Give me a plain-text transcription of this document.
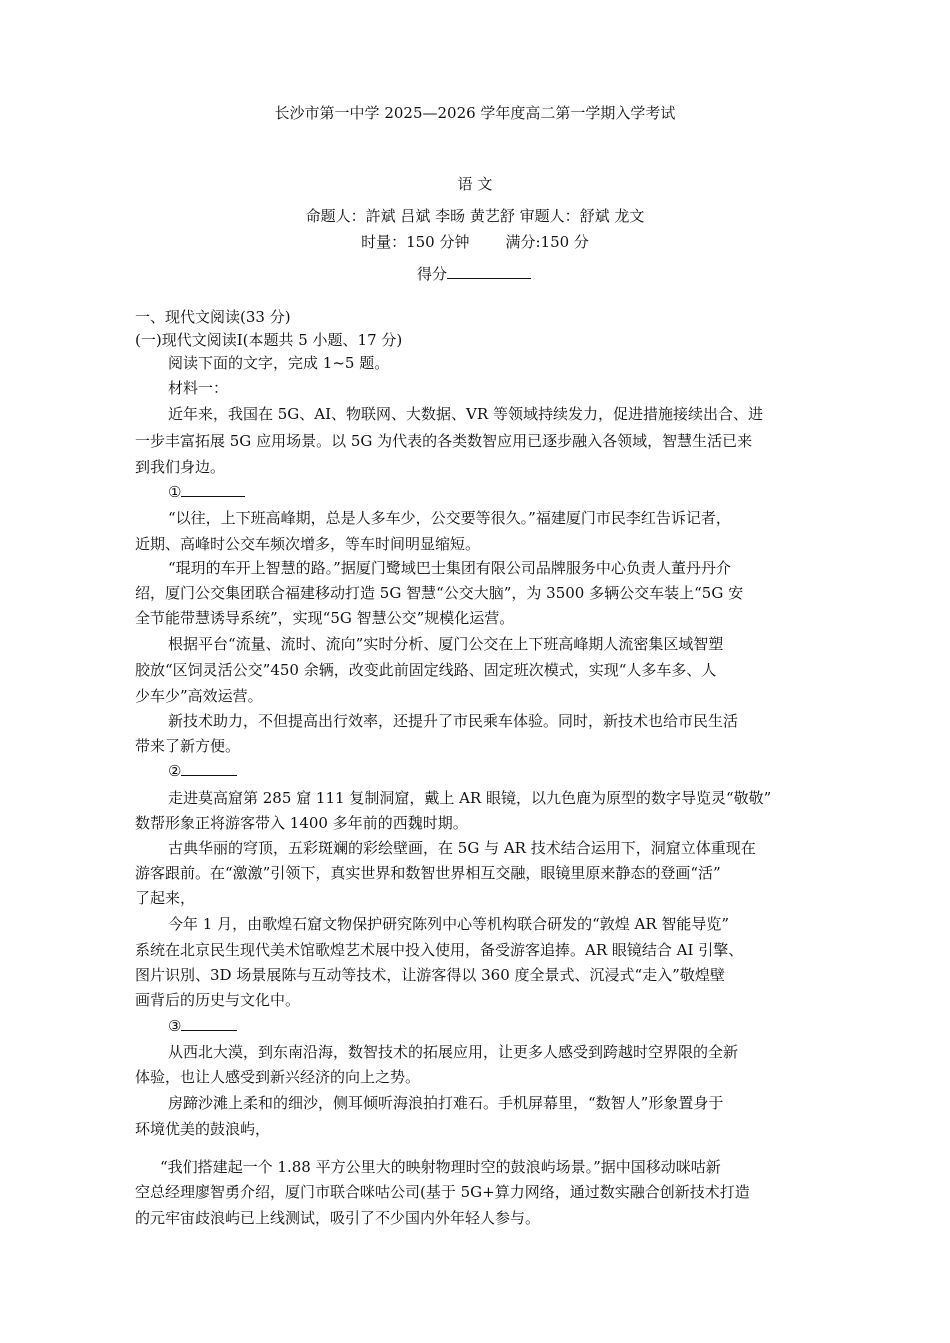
长沙市第一中学 2025—2026 学年度高二第一学期入学考试
语 文
命题人：許斌 吕斌 李旸 黄艺舒 审题人：舒斌 龙文
时量：150 分钟 满分:150 分
得分
一、现代文阅读(33 分)
(一)现代文阅读Ⅰ(本题共 5 小题、17 分)
阅读下面的文字，完成 1~5 题。
材料一：
近年来，我国在 5G、AI、物联网、大数据、VR 等领域持续发力，促进措施接续出合、进
一步丰富拓展 5G 应用场景。以 5G 为代表的各类数智应用已逐步融入各领域，智慧生活已来
到我们身边。
①
“以往，上下班高峰期，总是人多车少，公交要等很久。”福建厦门市民李红告诉记者，
近期、高峰时公交车频次增多，等车时间明显缩短。
“琨玥的车开上智慧的路。”据厦门鹭域巴士集团有限公司品牌服务中心负责人董丹丹介
绍，厦门公交集团联合福建移动打造 5G 智慧“公交大脑”，为 3500 多辆公交车装上“5G 安
全节能带慧诱导系统”，实现“5G 智慧公交”规模化运营。
根据平台“流量、流时、流向”实时分析、厦门公交在上下班高峰期人流密集区域智塑
胶放“区饲灵活公交”450 余辆，改变此前固定线路、固定班次模式，实现“人多车多、人
少车少”高效运营。
新技术助力，不但提高出行效率，还提升了市民乘车体验。同时，新技术也给市民生活
带来了新方便。
②
走进莫高窟第 285 窟 111 复制洞窟，戴上 AR 眼镜，以九色鹿为原型的数字导览灵“敬敬”
数帮形象正将游客带入 1400 多年前的西魏时期。
古典华丽的穹顶，五彩斑斓的彩绘壁画，在 5G 与 AR 技术结合运用下，洞窟立体重现在
游客跟前。在“激激”引领下，真实世界和数智世界相互交融，眼镜里原来静态的登画“活”
了起来，
今年 1 月，由歌煌石窟文物保护研究陈列中心等机构联合研发的“敦煌 AR 智能导览”
系统在北京民生现代美术馆歌煌艺术展中投入使用，备受游客追捧。AR 眼镜结合 AI 引擎、
图片识別、3D 场景展陈与互动等技术，让游客得以 360 度全景式、沉浸式“走入”敬煌壁
画背后的历史与文化中。
③
从西北大漠，到东南沿海，数智技术的拓展应用，让更多人感受到跨越时空界限的全新
体验，也让人感受到新兴经济的向上之势。
房蹄沙滩上柔和的细沙，侧耳倾听海浪拍打难石。手机屏幕里，“数智人”形象置身于
环境优美的鼓浪屿，
“我们搭建起一个 1.88 平方公里大的映射物理时空的鼓浪屿场景。”据中国移动咪咕新
空总经理廖智勇介绍，厦门市联合咪咕公司(基于 5G+算力网络，通过数实融合创新技术打造
的元牢宙歧浪屿已上线测试，吸引了不少国内外年轻人参与。
